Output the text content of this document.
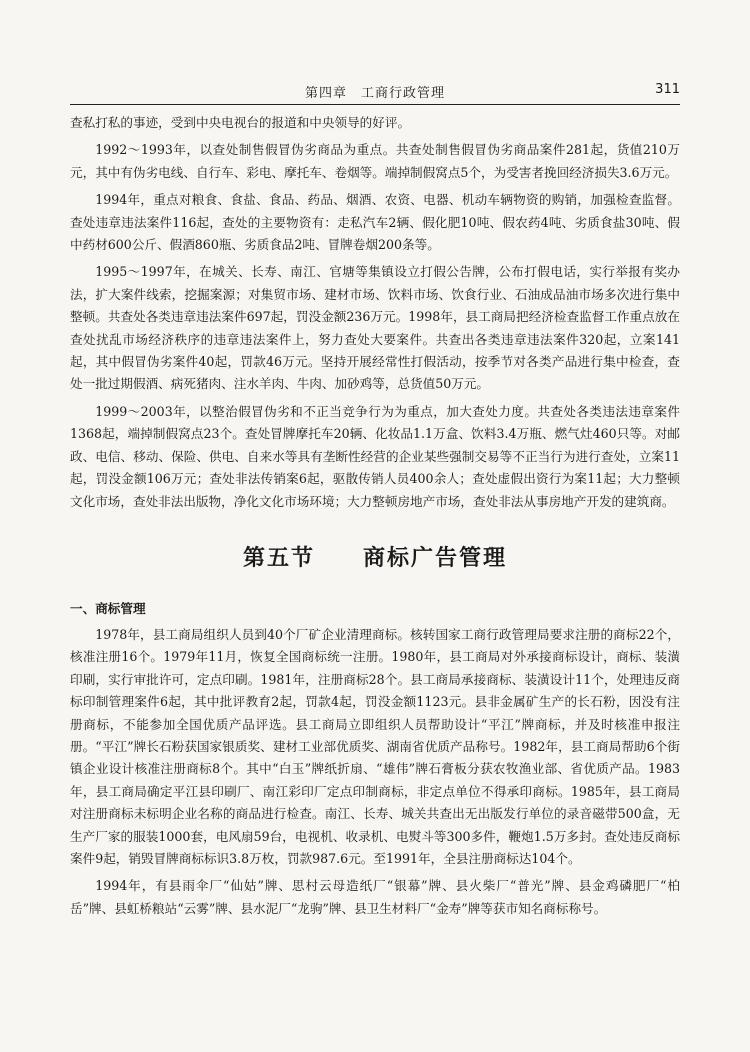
第四章　工商行政管理	311

查私打私的事迹，受到中央电视台的报道和中央领导的好评。

1992～1993年，以查处制售假冒伪劣商品为重点。共查处制售假冒伪劣商品案件281起，货值210万元，其中有伪劣电线、自行车、彩电、摩托车、卷烟等。端掉制假窝点5个，为受害者挽回经济损失3.6万元。

1994年，重点对粮食、食盐、食品、药品、烟酒、农资、电器、机动车辆物资的购销，加强检查监督。查处违章违法案件116起，查处的主要物资有：走私汽车2辆、假化肥10吨、假农药4吨、劣质食盐30吨、假中药材600公斤、假酒860瓶、劣质食品2吨、冒牌卷烟200条等。

1995～1997年，在城关、长寿、南江、官塘等集镇设立打假公告牌，公布打假电话，实行举报有奖办法，扩大案件线索，挖掘案源；对集贸市场、建材市场、饮料市场、饮食行业、石油成品油市场多次进行集中整顿。共查处各类违章违法案件697起，罚没金额236万元。1998年，县工商局把经济检查监督工作重点放在查处扰乱市场经济秩序的违章违法案件上，努力查处大要案件。共查出各类违章违法案件320起，立案141起，其中假冒伪劣案件40起，罚款46万元。坚持开展经常性打假活动，按季节对各类产品进行集中检查，查处一批过期假酒、病死猪肉、注水羊肉、牛肉、加砂鸡等，总货值50万元。

1999～2003年，以整治假冒伪劣和不正当竞争行为为重点，加大查处力度。共查处各类违法违章案件1368起，端掉制假窝点23个。查处冒牌摩托车20辆、化妆品1.1万盒、饮料3.4万瓶、燃气灶460只等。对邮政、电信、移动、保险、供电、自来水等具有垄断性经营的企业某些强制交易等不正当行为进行查处，立案11起，罚没金额106万元；查处非法传销案6起，驱散传销人员400余人；查处虚假出资行为案11起；大力整顿文化市场，查处非法出版物，净化文化市场环境；大力整顿房地产市场，查处非法从事房地产开发的建筑商。

第五节　　商标广告管理
一、商标管理

1978年，县工商局组织人员到40个厂矿企业清理商标。核转国家工商行政管理局要求注册的商标22个，核准注册16个。1979年11月，恢复全国商标统一注册。1980年，县工商局对外承接商标设计，商标、装潢印刷，实行审批许可，定点印刷。1981年，注册商标28个。县工商局承接商标、装潢设计11个，处理违反商标印制管理案件6起，其中批评教育2起，罚款4起，罚没金额1123元。县非金属矿生产的长石粉，因没有注册商标，不能参加全国优质产品评选。县工商局立即组织人员帮助设计“平江”牌商标，并及时核准申报注册。“平江”牌长石粉获国家银质奖、建材工业部优质奖、湖南省优质产品称号。1982年，县工商局帮助6个街镇企业设计核准注册商标8个。其中“白玉”牌纸折扇、“雄伟”牌石膏板分获农牧渔业部、省优质产品。1983年，县工商局确定平江县印刷厂、南江彩印厂定点印制商标，非定点单位不得承印商标。1985年，县工商局对注册商标未标明企业名称的商品进行检查。南江、长寿、城关共查出无出版发行单位的录音磁带500盒，无生产厂家的服装1000套，电风扇59台，电视机、收录机、电熨斗等300多件，鞭炮1.5万多封。查处违反商标案件9起，销毁冒牌商标标识3.8万枚，罚款987.6元。至1991年，全县注册商标达104个。

1994年，有县雨伞厂“仙姑”牌、思村云母造纸厂“银幕”牌、县火柴厂“普光”牌、县金鸡磷肥厂“柏岳”牌、县虹桥粮站“云雾”牌、县水泥厂“龙驹”牌、县卫生材料厂“金寿”牌等获市知名商标称号。
